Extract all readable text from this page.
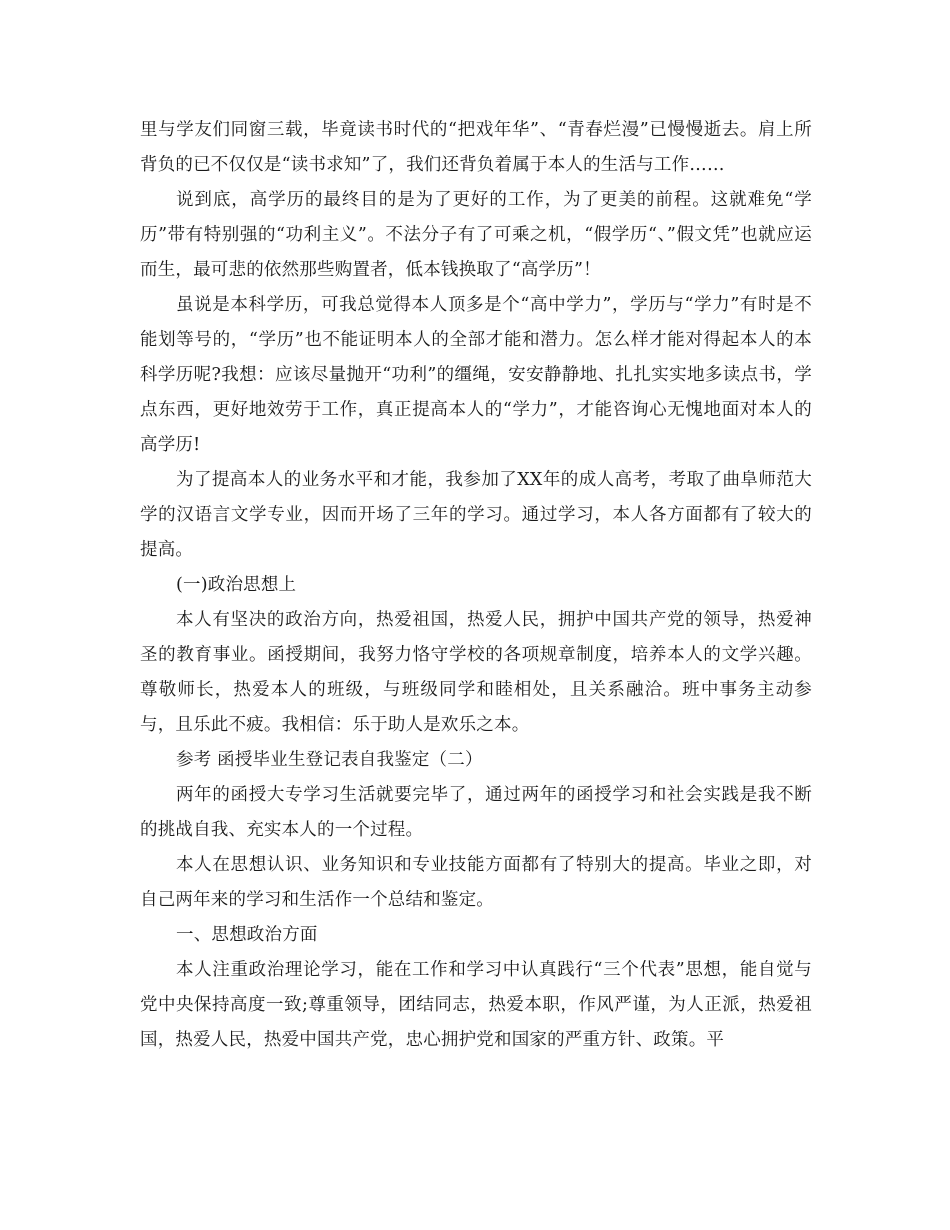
里与学友们同窗三载，毕竟读书时代的“把戏年华”、“青春烂漫”已慢慢逝去。肩上所背负的已不仅仅是“读书求知”了，我们还背负着属于本人的生活与工作……

说到底，高学历的最终目的是为了更好的工作，为了更美的前程。这就难免“学历”带有特别强的“功利主义”。不法分子有了可乘之机，“假学历“、”假文凭”也就应运而生，最可悲的依然那些购置者，低本钱换取了“高学历”！

虽说是本科学历，可我总觉得本人顶多是个“高中学力”，学历与“学力”有时是不能划等号的，“学历”也不能证明本人的全部才能和潜力。怎么样才能对得起本人的本科学历呢?我想：应该尽量抛开“功利”的缰绳，安安静静地、扎扎实实地多读点书，学点东西，更好地效劳于工作，真正提高本人的“学力”，才能咨询心无愧地面对本人的高学历!

为了提高本人的业务水平和才能，我参加了XX年的成人高考，考取了曲阜师范大学的汉语言文学专业，因而开场了三年的学习。通过学习，本人各方面都有了较大的提高。

(一)政治思想上

本人有坚决的政治方向，热爱祖国，热爱人民，拥护中国共产党的领导，热爱神圣的教育事业。函授期间，我努力恪守学校的各项规章制度，培养本人的文学兴趣。尊敬师长，热爱本人的班级，与班级同学和睦相处，且关系融洽。班中事务主动参与，且乐此不疲。我相信：乐于助人是欢乐之本。

参考 函授毕业生登记表自我鉴定（二）

两年的函授大专学习生活就要完毕了，通过两年的函授学习和社会实践是我不断的挑战自我、充实本人的一个过程。

本人在思想认识、业务知识和专业技能方面都有了特别大的提高。毕业之即，对自己两年来的学习和生活作一个总结和鉴定。

一、思想政治方面

本人注重政治理论学习，能在工作和学习中认真践行“三个代表”思想，能自觉与党中央保持高度一致;尊重领导，团结同志，热爱本职，作风严谨，为人正派，热爱祖国，热爱人民，热爱中国共产党，忠心拥护党和国家的严重方针、政策。平
